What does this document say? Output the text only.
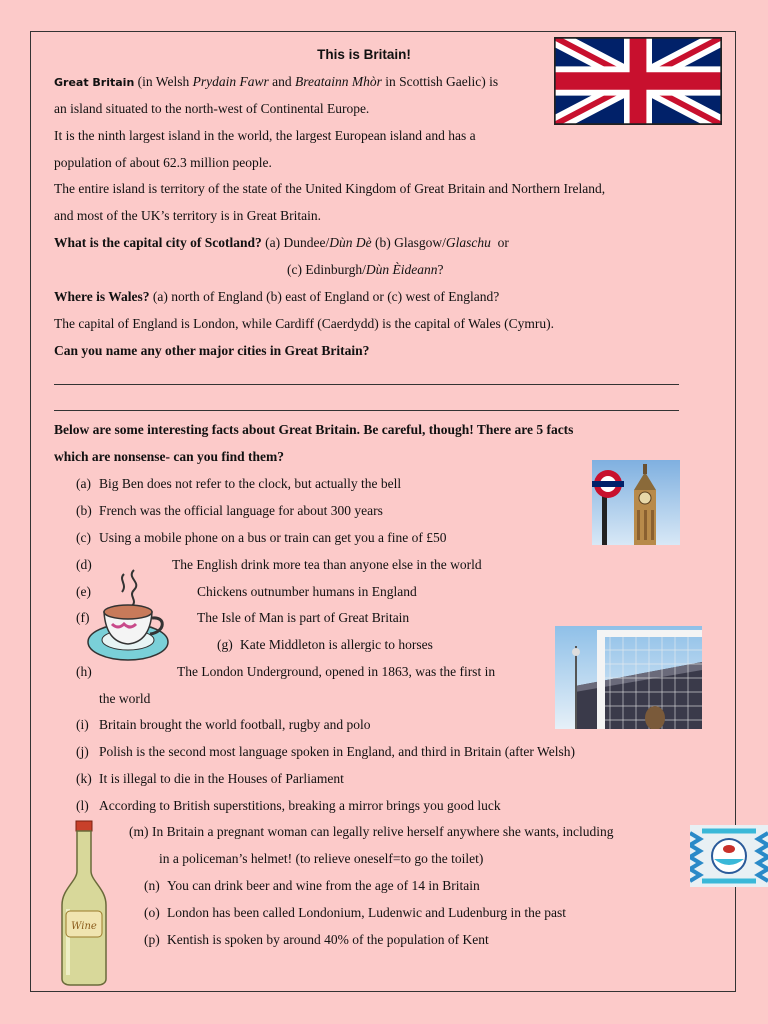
This is Britain!
Great Britain (in Welsh Prydain Fawr and Breatainn Mhòr in Scottish Gaelic) is
an island situated to the north-west of Continental Europe.
It is the ninth largest island in the world, the largest European island and has a
population of about 62.3 million people.
The entire island is territory of the state of the United Kingdom of Great Britain and Northern Ireland,
and most of the UK’s territory is in Great Britain.
What is the capital city of Scotland? (a) Dundee/Dùn Dè (b) Glasgow/Glaschu  or
(c) Edinburgh/Dùn Èideann?
Where is Wales? (a) north of England (b) east of England or (c) west of England?
The capital of England is London, while Cardiff (Caerdydd) is the capital of Wales (Cymru).
Can you name any other major cities in Great Britain?
Below are some interesting facts about Great Britain. Be careful, though! There are 5 facts
which are nonsense- can you find them?
(a) Big Ben does not refer to the clock, but actually the bell
(b) French was the official language for about 300 years
(c) Using a mobile phone on a bus or train can get you a fine of £50
(d)	The English drink more tea than anyone else in the world
(e)	Chickens outnumber humans in England
(f)	The Isle of Man is part of Great Britain
(g) Kate Middleton is allergic to horses
(h)	The London Underground, opened in 1863, was the first in
the world
(i) Britain brought the world football, rugby and polo
(j) Polish is the second most language spoken in England, and third in Britain (after Welsh)
(k) It is illegal to die in the Houses of Parliament
(l) According to British superstitions, breaking a mirror brings you good luck
(m) In Britain a pregnant woman can legally relive herself anywhere she wants, including
in a policeman’s helmet! (to relieve oneself=to go the toilet)
(n) You can drink beer and wine from the age of 14 in Britain
(o) London has been called Londonium, Ludenwic and Ludenburg in the past
(p) Kentish is spoken by around 40% of the population of Kent
Wine
